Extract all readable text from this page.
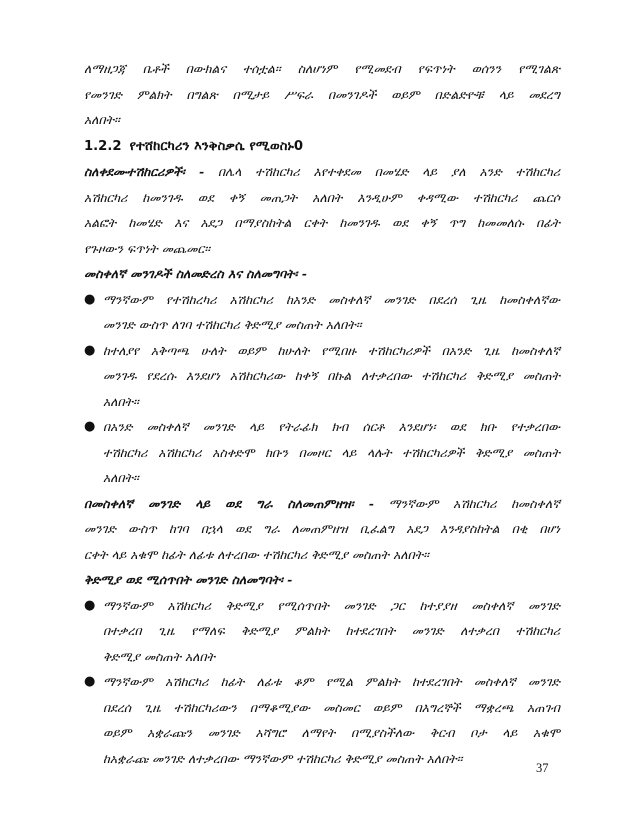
ለማዘጋጃ ቤቶች በውክልና ተሰቷል፡፡ ስለሆነም የሚመደብ የፍጥነት ወሰንን የሚገልጽ
የመንገድ ምልክት በግልጽ በሚታይ ሥፍራ በመንገዶች ወይም በድልድዮቹ ላይ መደረግ
አለበት፡፡

1.2.2 የተሸከርካሪን እንቅስቃሴ የሚወስኑ0

ስለቀደሙተሽከርሪዎች፡ - በሌላ ተሽከርካሪ እየተቀደመ በመሄድ ላይ ያለ አንድ ተሽከርካሪ
አሽከርካሪ ከመንገዱ ወደ ቀኝ መጠጋት አለበት እንዲሁም ቀዳሚው ተሽከርካሪ ጨርሶ
አልፎት ከመሄድ እና አደጋ በማያስከትል ርቀት ከመንገዱ ወደ ቀኝ ጥግ ከመመለሱ በፊት
የጉዞውን ፍጥነት መጨመር፡፡

መስቀለኛ መንገዶች ስለመድረስ እና ስለመግባት፡ -
● ማንኛውም የተሽከረካሪ አሽከርካሪ ከአንድ መስቀለኛ መንገድ በደረሰ ጊዜ ከመስቀለኛው
መንገድ ውስጥ ለገባ ተሽከርካሪ ቅድሚያ መስጠት አለበት፡፡
● ከተለያየ አቅጣጫ ሁለት ወይም ከሁለት የሚበዙ ተሽከርካሪዎች በአንድ ጊዜ ከመስቀለኛ
መንገዱ የደረሱ እንደሆነ አሽከርካሪው ከቀኝ በኩል ለተቃረበው ተሽከርካሪ ቅድሚያ መስጠት
አለበት፡፡
● በአንድ መስቀለኛ መንገድ ላይ የትራፊክ ክብ ሰርቶ እንደሆነ፡ ወደ ክቡ የተቃረበው
ተሽከርካሪ አሽከርካሪ አስቀድሞ ክቡን በመዞር ላይ ላሉት ተሽከርካሪዎች ቅድሚያ መስጠት
አለበት፡፡

በመስቀለኛ መንገድ ላይ ወደ ግራ ስለመጠምዘዝ፡ - ማንኛውም አሽከርካሪ ከመስቀለኛ
መንገድ ውስጥ ከገባ በኋላ ወደ ግራ ለመጠምዘዝ ቢፈልግ አደጋ እንዳያስከትል በቂ በሆነ
ርቀት ላይ አቁሞ ከፊት ለፊቱ ለተረበው ተሽከርካሪ ቅድሚያ መስጠት አለበት፡፡

ቅድሚያ ወደ ሚሰጥበት መንገድ ስለመግባት፡ -
● ማንኛውም አሽከርካሪ ቅድሚያ የሚሰጥበት መንገድ ጋር ከተያያዘ መስቀለኛ መንገድ
በተቃረበ ጊዜ የማለፍ ቅድሚያ ምልክት ከተደረገበት መንገድ ለተቃረበ ተሽከርካሪ
ቅድሚያ መስጠት አለበት
● ማንኛውም አሽከርካሪ ከፊት ለፊቱ ቆም የሚል ምልክት ከተደረገበት መስቀለኛ መንገድ
በደረሰ ጊዜ ተሽከርካሪውን በማቆሚያው መስመር ወይም በእግረኞች ማቋረጫ አጠገብ
ወይም አቋራጩን መንገድ አሻግሮ ለማየት በሚያስችለው ቅርብ ቦታ ላይ አቁሞ
ከአቋራጩ መንገድ ለተቃረበው ማንኛውም ተሽከርካሪ ቅድሚያ መስጠት አለበት፡፡
37
